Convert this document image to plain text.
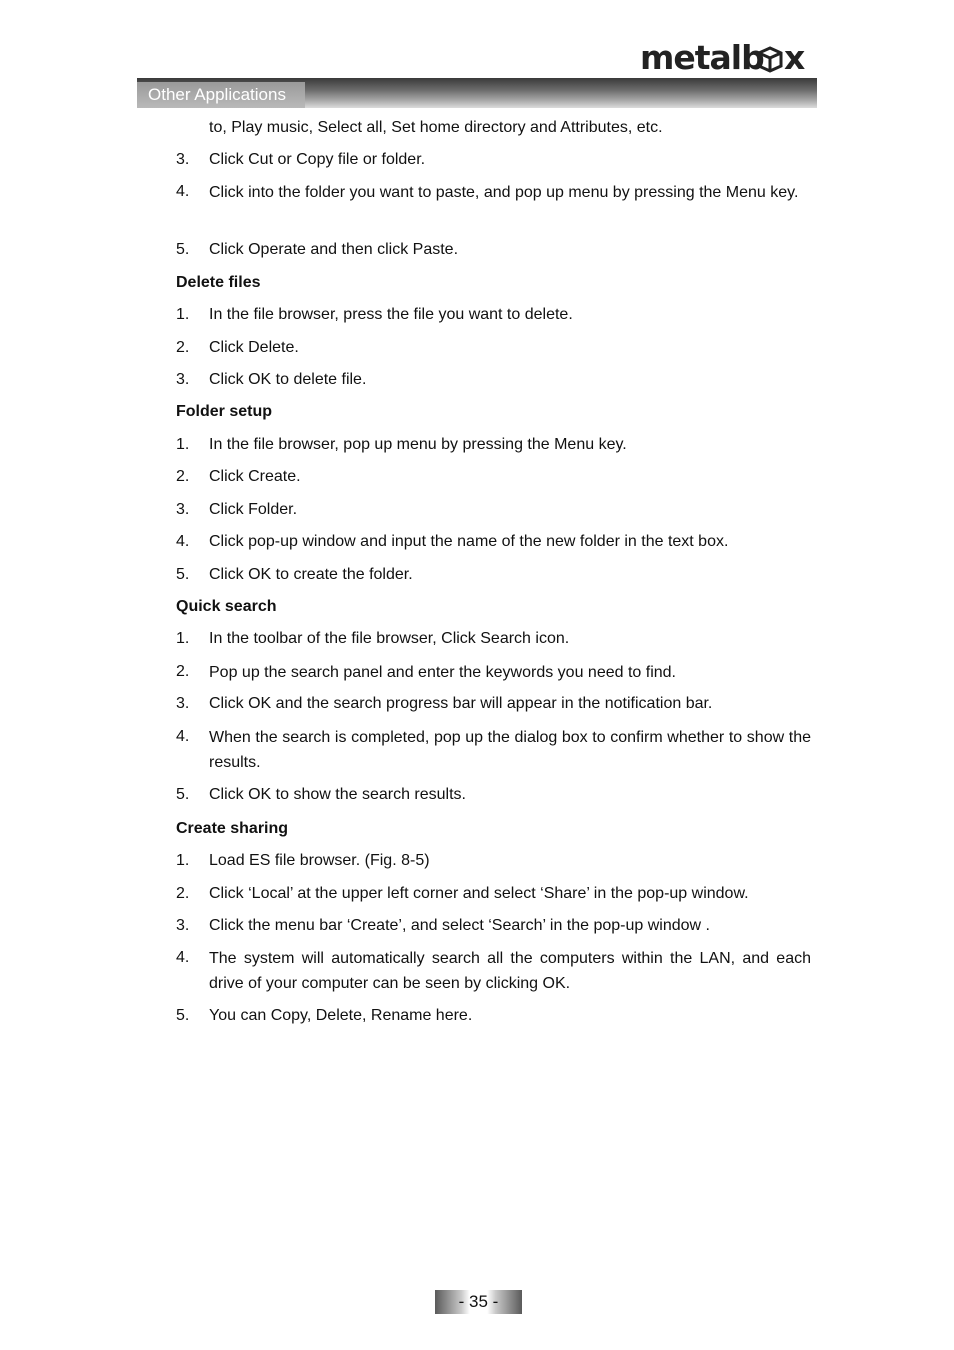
metalb x
Other Applications
to, Play music, Select all, Set home directory and Attributes, etc.
3. Click Cut or Copy file or folder.
4. Click into the folder you want to paste, and pop up menu by pressing the Menu key.
5. Click Operate and then click Paste.
Delete files
1. In the file browser, press the file you want to delete.
2. Click Delete.
3. Click OK to delete file.
Folder setup
1. In the file browser, pop up menu by pressing the Menu key.
2. Click Create.
3. Click Folder.
4. Click pop-up window and input the name of the new folder in the text box.
5. Click OK to create the folder.
Quick search
1. In the toolbar of the file browser, Click Search icon.
2. Pop up the search panel and enter the keywords you need to find.
3. Click OK and the search progress bar will appear in the notification bar.
4. When the search is completed, pop up the dialog box to confirm whether to show the results.
5. Click OK to show the search results.
Create sharing
1. Load ES file browser. (Fig. 8-5)
2. Click ‘Local’ at the upper left corner and select ‘Share’ in the pop-up window.
3. Click the menu bar ‘Create’, and select ‘Search’ in the pop-up window .
4. The system will automatically search all the computers within the LAN, and each drive of your computer can be seen by clicking OK.
5. You can Copy, Delete, Rename here.
- 35 -
